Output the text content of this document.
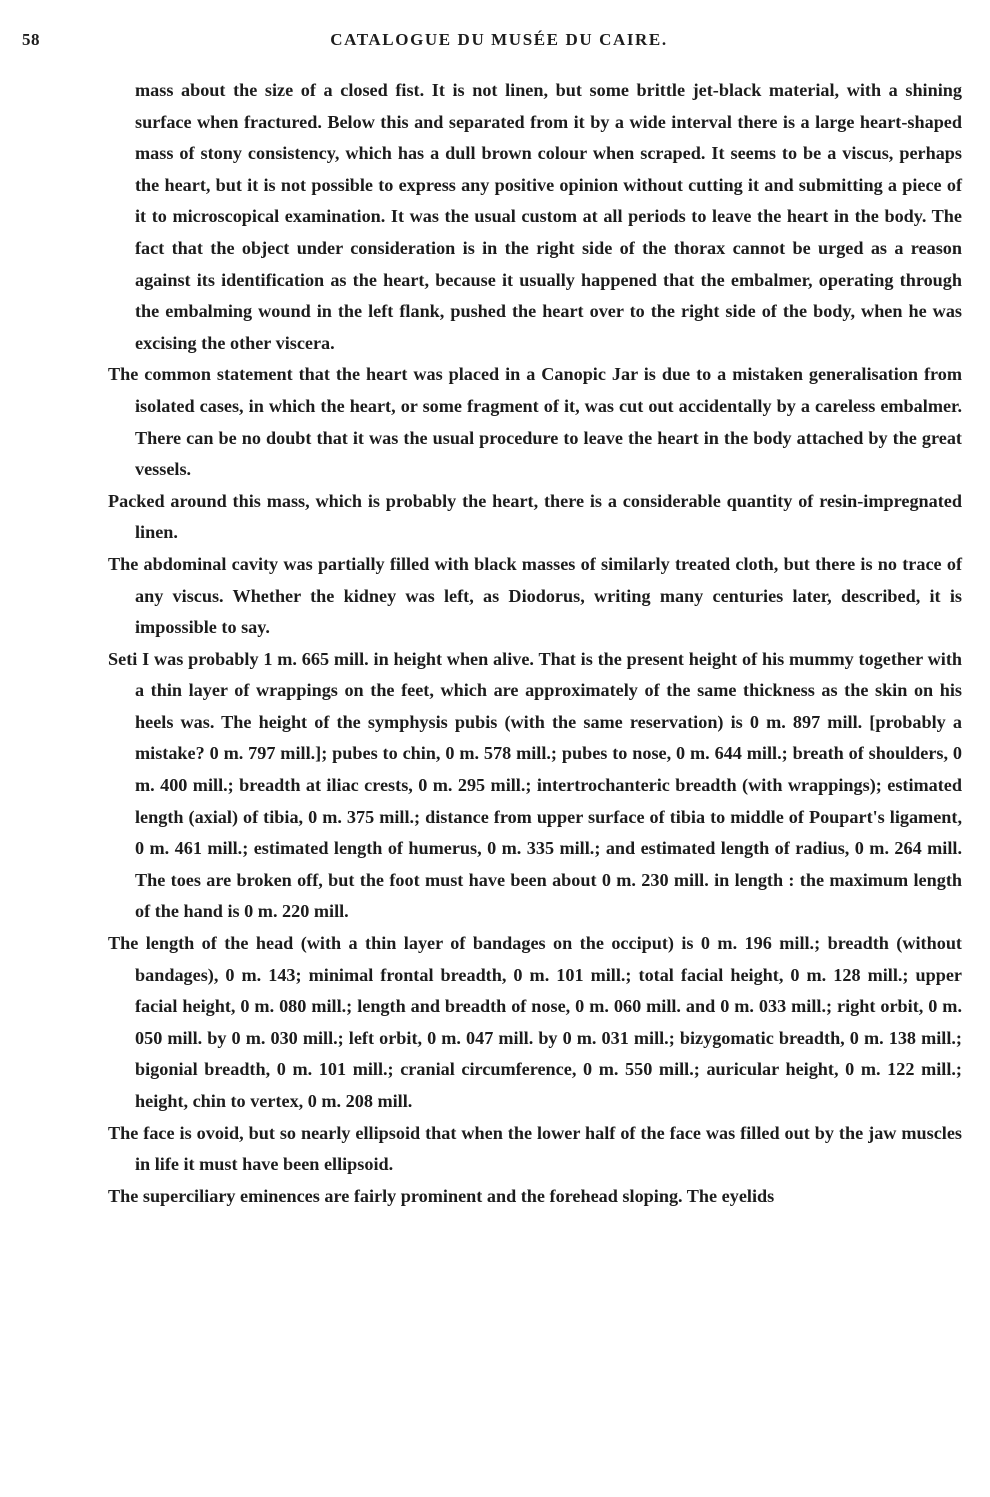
58	CATALOGUE DU MUSÉE DU CAIRE.

mass about the size of a closed fist. It is not linen, but some brittle jet-black material, with a shining surface when fractured. Below this and separated from it by a wide interval there is a large heart-shaped mass of stony consistency, which has a dull brown colour when scraped. It seems to be a viscus, perhaps the heart, but it is not possible to express any positive opinion without cutting it and submitting a piece of it to microscopical examination. It was the usual custom at all periods to leave the heart in the body. The fact that the object under consideration is in the right side of the thorax cannot be urged as a reason against its identification as the heart, because it usually happened that the embalmer, operating through the embalming wound in the left flank, pushed the heart over to the right side of the body, when he was excising the other viscera.

The common statement that the heart was placed in a Canopic Jar is due to a mistaken generalisation from isolated cases, in which the heart, or some fragment of it, was cut out accidentally by a careless embalmer. There can be no doubt that it was the usual procedure to leave the heart in the body attached by the great vessels.

Packed around this mass, which is probably the heart, there is a considerable quantity of resin-impregnated linen.

The abdominal cavity was partially filled with black masses of similarly treated cloth, but there is no trace of any viscus. Whether the kidney was left, as Diodorus, writing many centuries later, described, it is impossible to say.

Seti I was probably 1 m. 665 mill. in height when alive. That is the present height of his mummy together with a thin layer of wrappings on the feet, which are approximately of the same thickness as the skin on his heels was. The height of the symphysis pubis (with the same reservation) is 0 m. 897 mill. [probably a mistake? 0 m. 797 mill.]; pubes to chin, 0 m. 578 mill.; pubes to nose, 0 m. 644 mill.; breath of shoulders, 0 m. 400 mill.; breadth at iliac crests, 0 m. 295 mill.; intertrochanteric breadth (with wrappings); estimated length (axial) of tibia, 0 m. 375 mill.; distance from upper surface of tibia to middle of Poupart's ligament, 0 m. 461 mill.; estimated length of humerus, 0 m. 335 mill.; and estimated length of radius, 0 m. 264 mill. The toes are broken off, but the foot must have been about 0 m. 230 mill. in length : the maximum length of the hand is 0 m. 220 mill.

The length of the head (with a thin layer of bandages on the occiput) is 0 m. 196 mill.; breadth (without bandages), 0 m. 143; minimal frontal breadth, 0 m. 101 mill.; total facial height, 0 m. 128 mill.; upper facial height, 0 m. 080 mill.; length and breadth of nose, 0 m. 060 mill. and 0 m. 033 mill.; right orbit, 0 m. 050 mill. by 0 m. 030 mill.; left orbit, 0 m. 047 mill. by 0 m. 031 mill.; bizygomatic breadth, 0 m. 138 mill.; bigonial breadth, 0 m. 101 mill.; cranial circumference, 0 m. 550 mill.; auricular height, 0 m. 122 mill.; height, chin to vertex, 0 m. 208 mill.

The face is ovoid, but so nearly ellipsoid that when the lower half of the face was filled out by the jaw muscles in life it must have been ellipsoid.

The superciliary eminences are fairly prominent and the forehead sloping. The eyelids
